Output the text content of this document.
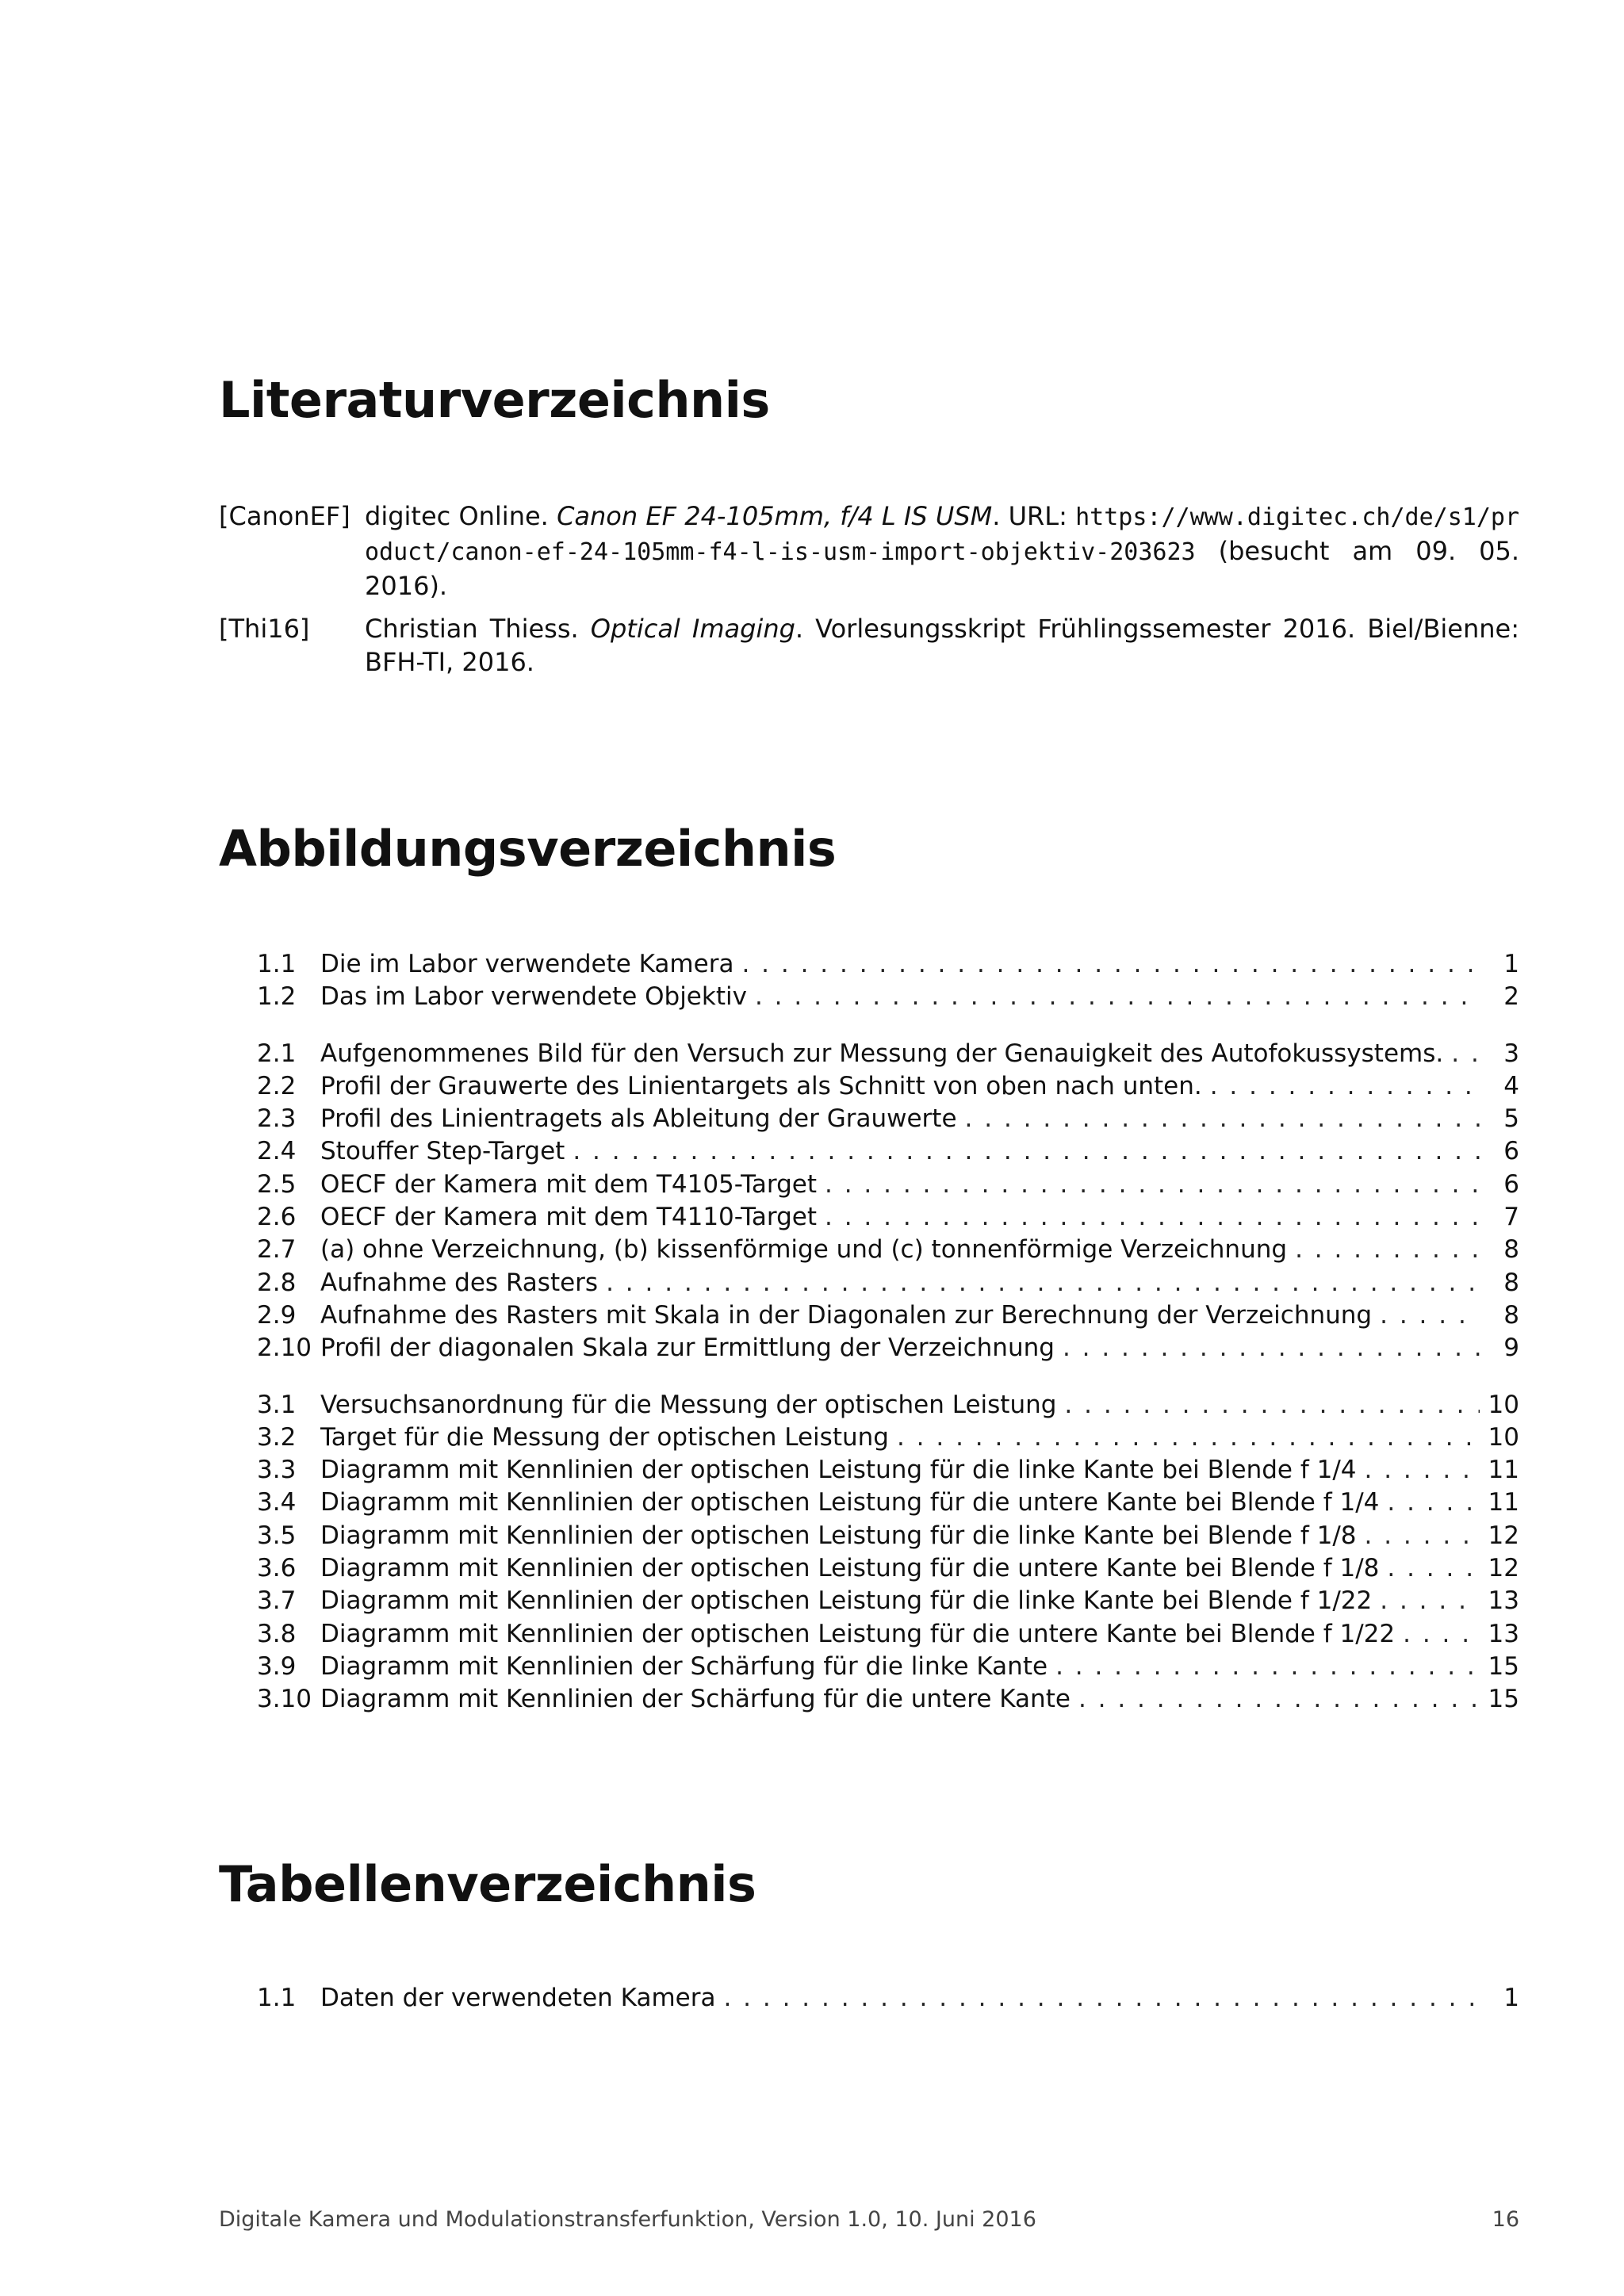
Literaturverzeichnis
[CanonEF] digitec Online. Canon EF 24-105mm, f/4 L IS USM. URL: https://www.digitec.ch/de/s1/product/canon-ef-24-105mm-f4-l-is-usm-import-objektiv-203623 (besucht am 09. 05. 2016).
[Thi16]	Christian Thiess. Optical Imaging. Vorlesungsskript Frühlingssemester 2016. Biel/Bienne: BFH-TI, 2016.
Abbildungsverzeichnis
1.1 Die im Labor verwendete Kamera . . .	1
1.2 Das im Labor verwendete Objektiv . . .	2
2.1 Aufgenommenes Bild für den Versuch zur Messung der Genauigkeit des Autofokussystems. . . .	3
2.2 Profil der Grauwerte des Linientargets als Schnitt von oben nach unten. . . .	4
2.3 Profil des Linientragets als Ableitung der Grauwerte . . .	5
2.4 Stouffer Step-Target . . .	6
2.5 OECF der Kamera mit dem T4105-Target . . .	6
2.6 OECF der Kamera mit dem T4110-Target . . .	7
2.7 (a) ohne Verzeichnung, (b) kissenförmige und (c) tonnenförmige Verzeichnung . . .	8
2.8 Aufnahme des Rasters . . .	8
2.9 Aufnahme des Rasters mit Skala in der Diagonalen zur Berechnung der Verzeichnung . . .	8
2.10 Profil der diagonalen Skala zur Ermittlung der Verzeichnung . . .	9
3.1 Versuchsanordnung für die Messung der optischen Leistung . . .	10
3.2 Target für die Messung der optischen Leistung . . .	10
3.3 Diagramm mit Kennlinien der optischen Leistung für die linke Kante bei Blende f 1/4 . . .	11
3.4 Diagramm mit Kennlinien der optischen Leistung für die untere Kante bei Blende f 1/4 . . .	11
3.5 Diagramm mit Kennlinien der optischen Leistung für die linke Kante bei Blende f 1/8 . . .	12
3.6 Diagramm mit Kennlinien der optischen Leistung für die untere Kante bei Blende f 1/8 . . .	12
3.7 Diagramm mit Kennlinien der optischen Leistung für die linke Kante bei Blende f 1/22 . . .	13
3.8 Diagramm mit Kennlinien der optischen Leistung für die untere Kante bei Blende f 1/22 . . .	13
3.9 Diagramm mit Kennlinien der Schärfung für die linke Kante . . .	15
3.10 Diagramm mit Kennlinien der Schärfung für die untere Kante . . .	15
Tabellenverzeichnis
1.1 Daten der verwendeten Kamera . . .	1
Digitale Kamera und Modulationstransferfunktion, Version 1.0, 10. Juni 2016	16
